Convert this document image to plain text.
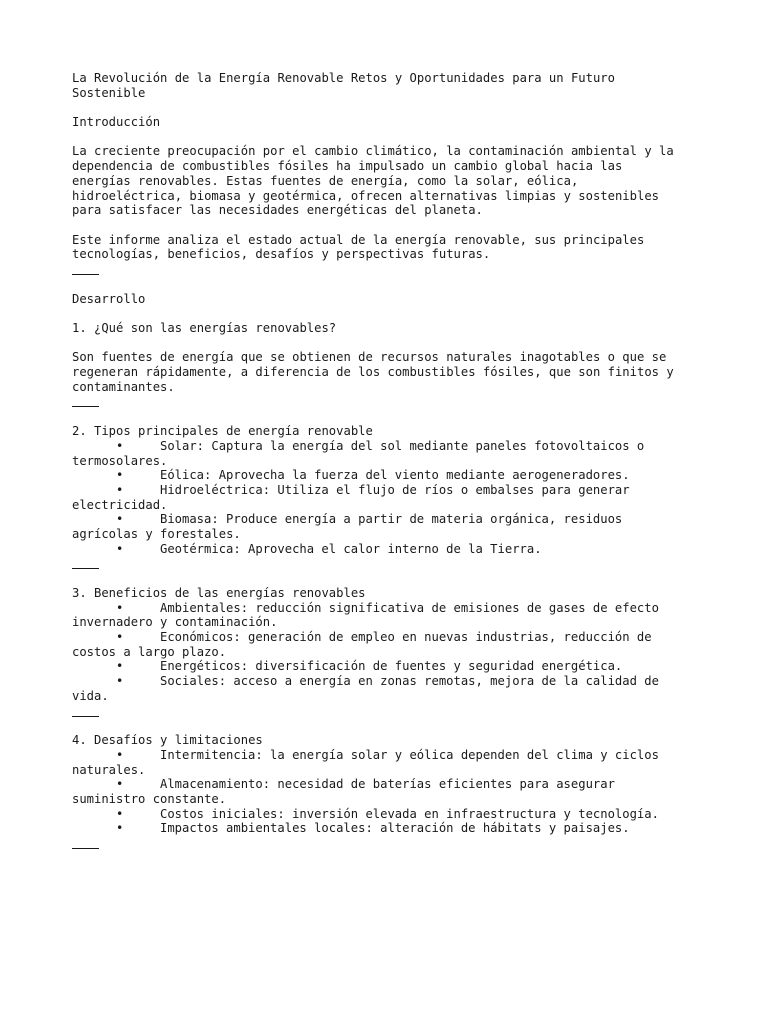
La Revolución de la Energía Renovable Retos y Oportunidades para un Futuro
Sostenible
Introducción
La creciente preocupación por el cambio climático, la contaminación ambiental y la
dependencia de combustibles fósiles ha impulsado un cambio global hacia las
energías renovables. Estas fuentes de energía, como la solar, eólica,
hidroeléctrica, biomasa y geotérmica, ofrecen alternativas limpias y sostenibles
para satisfacer las necesidades energéticas del planeta.
Este informe analiza el estado actual de la energía renovable, sus principales
tecnologías, beneficios, desafíos y perspectivas futuras.
Desarrollo
1. ¿Qué son las energías renovables?
Son fuentes de energía que se obtienen de recursos naturales inagotables o que se
regeneran rápidamente, a diferencia de los combustibles fósiles, que son finitos y
contaminantes.
2. Tipos principales de energía renovable
•	Solar: Captura la energía del sol mediante paneles fotovoltaicos o
termosolares.
•	Eólica: Aprovecha la fuerza del viento mediante aerogeneradores.
•	Hidroeléctrica: Utiliza el flujo de ríos o embalses para generar
electricidad.
•	Biomasa: Produce energía a partir de materia orgánica, residuos
agrícolas y forestales.
•	Geotérmica: Aprovecha el calor interno de la Tierra.
3. Beneficios de las energías renovables
•	Ambientales: reducción significativa de emisiones de gases de efecto
invernadero y contaminación.
•	Económicos: generación de empleo en nuevas industrias, reducción de
costos a largo plazo.
•	Energéticos: diversificación de fuentes y seguridad energética.
•	Sociales: acceso a energía en zonas remotas, mejora de la calidad de
vida.
4. Desafíos y limitaciones
•	Intermitencia: la energía solar y eólica dependen del clima y ciclos
naturales.
•	Almacenamiento: necesidad de baterías eficientes para asegurar
suministro constante.
•	Costos iniciales: inversión elevada en infraestructura y tecnología.
•	Impactos ambientales locales: alteración de hábitats y paisajes.
